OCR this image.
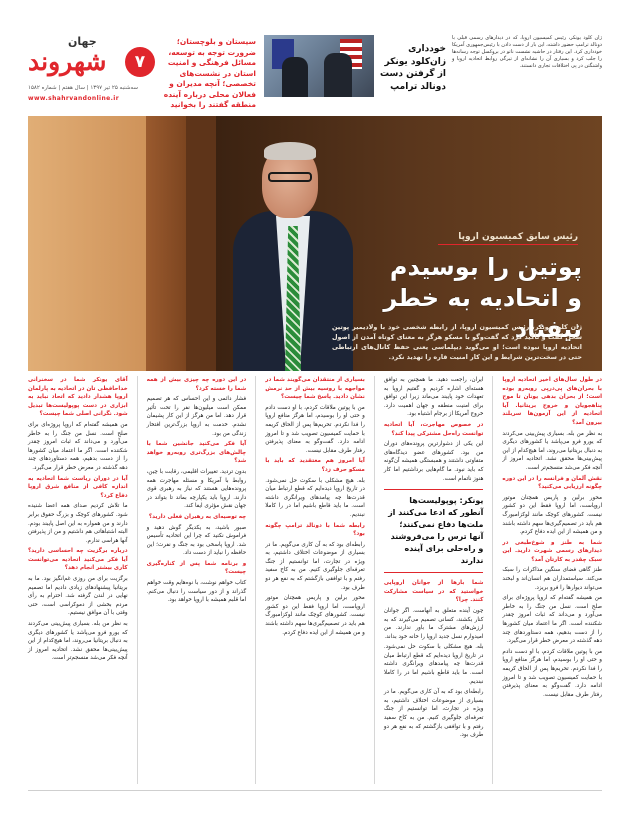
جهان
شهروند
سه‌شنبه ۲۵ تیر ۱۳۹۷ | سال هفتم | شماره ۱۵۸۲
www.shahrvandonline.ir
۷
سیستان و بلوچستان؛ ضرورت توجه به توسعه، مسائل فرهنگی و امنیت استان در نشست‌های تخصصی؛ آنچه مدیران و فعالان محلی درباره آینده منطقه گفتند را بخوانید
خودداری زان‌کلود یونکر از گرفتن دست دونالد ترامپ
ژان کلود یونکر، رئیس کمیسیون اروپا، که در دیدارهای رسمی قبلی با دونالد ترامپ حضور داشته، این بار از دست دادن با رئیس‌جمهوری آمریکا خودداری کرد. این رفتار در حاشیه نشست ناتو در بروکسل توجه رسانه‌ها را جلب کرد و بسیاری آن را نشانه‌ای از تیرگی روابط اتحادیه اروپا و واشنگتن در پی اختلافات تجاری دانستند.
رئیس سابق کمیسیون اروپا
پوتین را بوسیدم
و اتحادیه به خطر نیفتاد
ژان کلود یونکر، رئیس کمیسیون اروپا، از رابطه شخصی خود با ولادیمیر پوتین سخن گفت و تأکید کرد که گفت‌وگو با مسکو هرگز به معنای کوتاه آمدن از اصول اتحادیه اروپا نبوده است؛ او می‌گوید دیپلماسی یعنی حفظ کانال‌های ارتباطی حتی در سخت‌ترین شرایط و این کار امنیت قاره را تهدید نکرد.

در طول سال‌های اخیر اتحادیه اروپا با بحران‌های پی‌درپی روبه‌رو بوده است؛ از بحران بدهی یونان تا موج پناهجویان و خروج بریتانیا. آیا اتحادیه از این آزمون‌ها سربلند بیرون آمد؟

به نظر من بله. بسیاری پیش‌بینی می‌کردند که یورو فرو می‌پاشد یا کشورهای دیگری به دنبال بریتانیا می‌روند، اما هیچ‌کدام از این پیش‌بینی‌ها محقق نشد. اتحادیه امروز از آنچه فکر می‌شد منسجم‌تر است.

نقش آلمان و فرانسه را در این دوره چگونه ارزیابی می‌کنید؟

محور برلین و پاریس همچنان موتور اروپاست، اما اروپا فقط این دو کشور نیست. کشورهای کوچک مانند لوکزامبورگ هم باید در تصمیم‌گیری‌ها سهم داشته باشند و من همیشه از این ایده دفاع کردم.

شما به طنز و شوخ‌طبعی در دیدارهای رسمی شهرت دارید. این سبک چقدر به کارتان آمد؟

طنز گاهی فضای سنگین مذاکرات را سبک می‌کند. سیاستمداران هم انسان‌اند و لبخند می‌تواند دیوارها را فرو بریزد.

من همیشه گفته‌ام که اروپا پروژه‌ای برای صلح است. نسل من جنگ را به خاطر می‌آورد و می‌داند که ثبات امروز چقدر شکننده است. اگر ما اعتماد میان کشورها را از دست بدهیم، همه دستاوردهای چند دهه گذشته در معرض خطر قرار می‌گیرد.

من با پوتین ملاقات کردم، با او دست دادم و حتی او را بوسیدم، اما هرگز منافع اروپا را فدا نکردم. تحریم‌ها پس از الحاق کریمه با حمایت کمیسیون تصویب شد و تا امروز ادامه دارد. گفت‌وگو به معنای پذیرفتن رفتار طرف مقابل نیست.

ایران، راجعت دهید. ما همچنین به توافق هسته‌ای اشاره کردیم و گفتیم اروپا به تعهدات خود پایبند می‌ماند زیرا این توافق برای امنیت منطقه و جهان اهمیت دارد. خروج آمریکا از برجام اشتباه بود.

در خصوص مهاجرت، آیا اتحادیه توانست راه‌حل مشترکی پیدا کند؟

این یکی از دشوارترین پرونده‌های دوران من بود. کشورهای عضو دیدگاه‌های متفاوتی داشتند و همبستگی همیشه آن‌گونه که باید نبود. ما گام‌هایی برداشتیم اما کار هنوز ناتمام است.

یونکر: پوپولیست‌ها آنطور که ادعا می‌کنند از ملت‌ها دفاع نمی‌کنند؛ آنها ترس را می‌فروشند و راه‌حلی برای آینده ندارند

شما بارها از جوانان اروپایی خواستید که در سیاست مشارکت کنند. چرا؟

چون آینده متعلق به آنهاست. اگر جوانان کنار بکشند، کسانی تصمیم می‌گیرند که به ارزش‌های مشترک ما باور ندارند. من امیدوارم نسل جدید اروپا را خانه خود بداند.

بله. هیچ مشکلی با سکوت حل نمی‌شود. در تاریخ اروپا دیده‌ایم که قطع ارتباط میان قدرت‌ها چه پیامدهای ویرانگری داشته است. ما باید قاطع باشیم اما در را کاملا نبندیم.

رابطه‌ای بود که به آن کاری می‌گویم. ما در بسیاری از موضوعات اختلاف داشتیم، به ویژه در تجارت، اما توانستیم از جنگ تعرفه‌ای جلوگیری کنیم. من به کاخ سفید رفتم و با توافقی بازگشتم که به نفع هر دو طرف بود.

بسیاری از منتقدان می‌گویند شما در مواجهه با روسیه بیش از حد نرمش نشان دادید. پاسخ شما چیست؟

من با پوتین ملاقات کردم، با او دست دادم و حتی او را بوسیدم، اما هرگز منافع اروپا را فدا نکردم. تحریم‌ها پس از الحاق کریمه با حمایت کمیسیون تصویب شد و تا امروز ادامه دارد. گفت‌وگو به معنای پذیرفتن رفتار طرف مقابل نیست.

آیا امروز هم معتقدید که باید با مسکو حرف زد؟

بله. هیچ مشکلی با سکوت حل نمی‌شود. در تاریخ اروپا دیده‌ایم که قطع ارتباط میان قدرت‌ها چه پیامدهای ویرانگری داشته است. ما باید قاطع باشیم اما در را کاملا نبندیم.

رابطه شما با دونالد ترامپ چگونه بود؟

رابطه‌ای بود که به آن کاری می‌گویم. ما در بسیاری از موضوعات اختلاف داشتیم، به ویژه در تجارت، اما توانستیم از جنگ تعرفه‌ای جلوگیری کنیم. من به کاخ سفید رفتم و با توافقی بازگشتم که به نفع هر دو طرف بود.

محور برلین و پاریس همچنان موتور اروپاست، اما اروپا فقط این دو کشور نیست. کشورهای کوچک مانند لوکزامبورگ هم باید در تصمیم‌گیری‌ها سهم داشته باشند و من همیشه از این ایده دفاع کردم.

در این دوره چه چیزی بیش از همه شما را خسته کرد؟

فشار دائمی و این احساس که هر تصمیم ممکن است میلیون‌ها نفر را تحت تأثیر قرار دهد. اما من هرگز از این کار پشیمان نشدم. خدمت به اروپا بزرگ‌ترین افتخار زندگی من بود.

آیا فکر می‌کنید جانشین شما با چالش‌های بزرگ‌تری روبه‌رو خواهد شد؟

بدون تردید. تغییرات اقلیمی، رقابت با چین، روابط با آمریکا و مسئله مهاجرت همه پرونده‌هایی هستند که نیاز به رهبری قوی دارند. اروپا باید یکپارچه بماند تا بتواند در جهان نقش مؤثری ایفا کند.

چه توصیه‌ای به رهبران فعلی دارید؟

صبور باشید، به یکدیگر گوش دهید و فراموش نکنید که چرا این اتحادیه تأسیس شد. اروپا پاسخی بود به جنگ و نفرت؛ این حافظه را نباید از دست داد.

و برنامه شما پس از کناره‌گیری چیست؟

کتاب خواهم نوشت، با نوه‌هایم وقت خواهم گذراند و از دور سیاست را دنبال می‌کنم. اما قلبم همیشه با اروپا خواهد بود.

آقای یونکر شما در سخنرانی خداحافظی تان در اتحادیه به پارلمان اروپا هشدار دادید که اتحاد نباید به ابزاری در دست پوپولیست‌ها تبدیل شود. نگرانی اصلی شما چیست؟

من همیشه گفته‌ام که اروپا پروژه‌ای برای صلح است. نسل من جنگ را به خاطر می‌آورد و می‌داند که ثبات امروز چقدر شکننده است. اگر ما اعتماد میان کشورها را از دست بدهیم، همه دستاوردهای چند دهه گذشته در معرض خطر قرار می‌گیرد.

آیا در دوران ریاست شما اتحادیه به اندازه کافی از منافع شرق اروپا دفاع کرد؟

ما تلاش کردیم صدای همه اعضا شنیده شود. کشورهای کوچک و بزرگ حقوق برابر دارند و من همواره به این اصل پایبند بودم. البته اشتباهاتی هم داشتیم و من از پذیرفتن آنها هراسی ندارم.

درباره برگزیت چه احساسی دارید؟ آیا فکر می‌کنید اتحادیه می‌توانست کاری بیشتر انجام دهد؟

برگزیت برای من روزی غم‌انگیز بود. ما به بریتانیا پیشنهادهای زیادی دادیم اما تصمیم نهایی در لندن گرفته شد. احترام به رأی مردم بخشی از دموکراسی است، حتی وقتی با آن موافق نیستیم.

به نظر من بله. بسیاری پیش‌بینی می‌کردند که یورو فرو می‌پاشد یا کشورهای دیگری به دنبال بریتانیا می‌روند، اما هیچ‌کدام از این پیش‌بینی‌ها محقق نشد. اتحادیه امروز از آنچه فکر می‌شد منسجم‌تر است.
